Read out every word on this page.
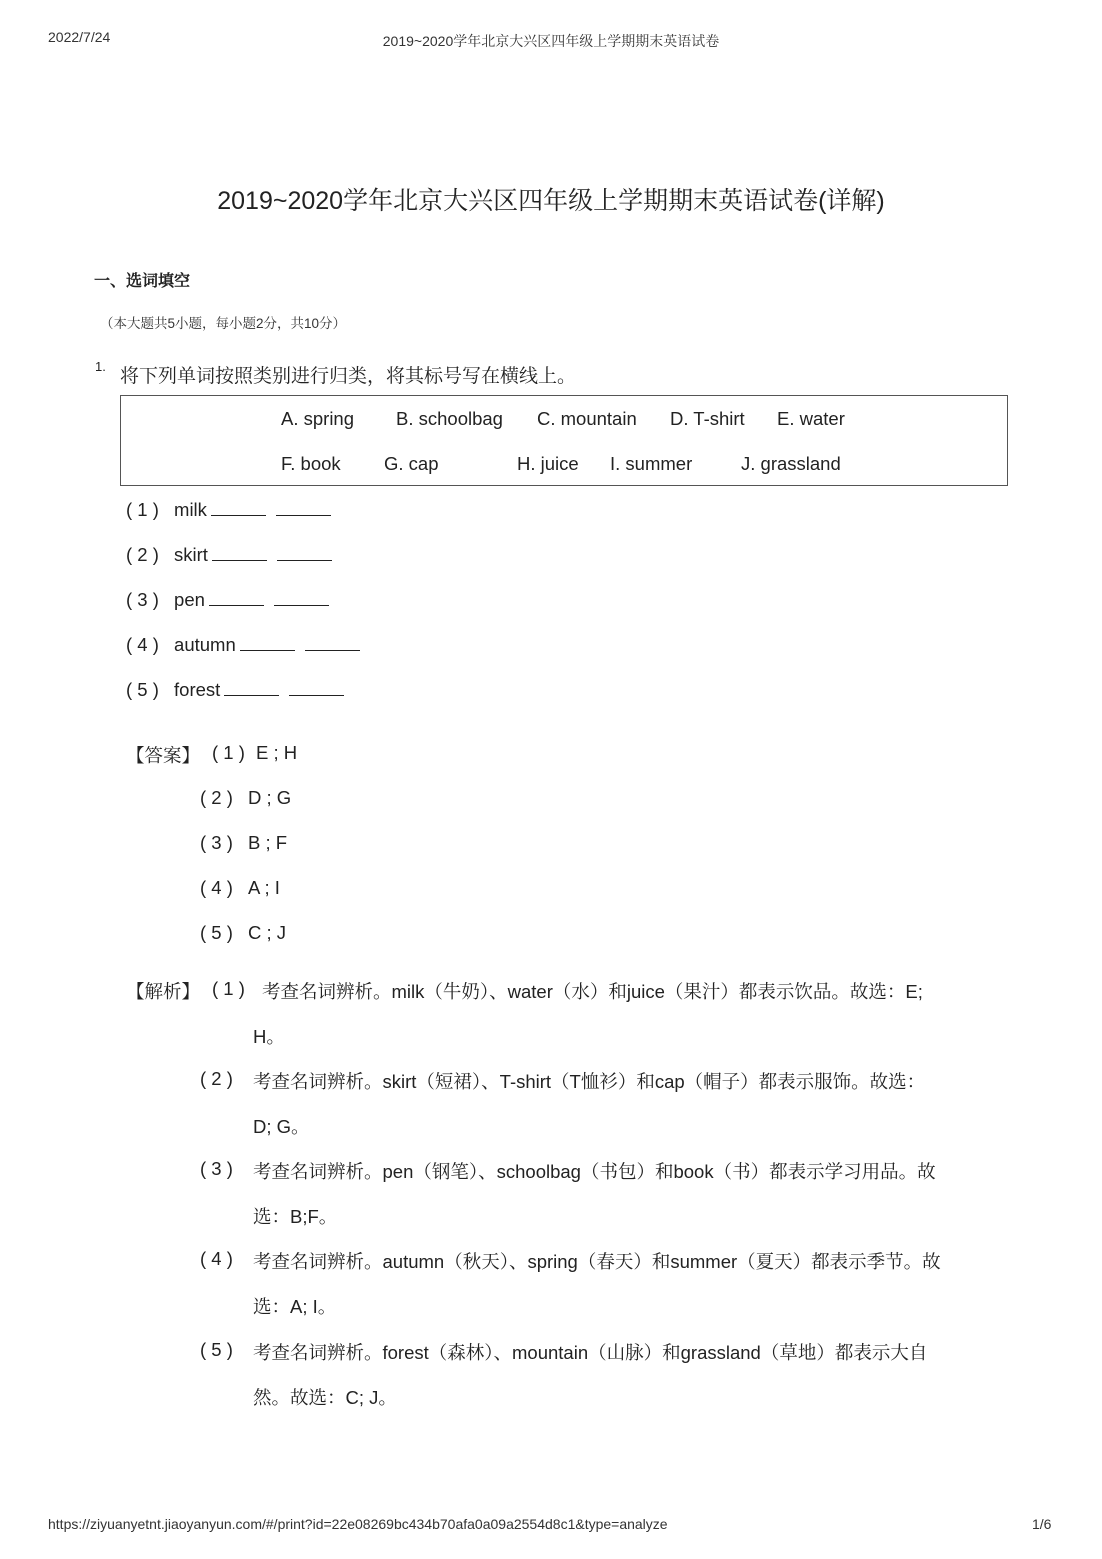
2022/7/24	2019~2020学年北京大兴区四年级上学期期末英语试卷
2019~2020学年北京大兴区四年级上学期期末英语试卷(详解)
一、选词填空
（本大题共5小题，每小题2分，共10分）
1. 将下列单词按照类别进行归类，将其标号写在横线上。
A. spring B. schoolbag C. mountain D. T-shirt E. water
F. book G. cap	H. juice I. summer	J. grassland
( 1 ) milk
( 2 ) skirt
( 3 ) pen
( 4 ) autumn
( 5 ) forest
【答案】 ( 1 ) E ; H
( 2 ) D ; G
( 3 ) B ; F
( 4 ) A ; I
( 5 ) C ; J
【解析】 ( 1 ) 考查名词辨析。milk（牛奶）、water（水）和juice（果汁）都表示饮品。故选：E;
H。
( 2 ) 考查名词辨析。skirt（短裙）、T-shirt（T恤衫）和cap（帽子）都表示服饰。故选：
D; G。
( 3 ) 考查名词辨析。pen（钢笔）、schoolbag（书包）和book（书）都表示学习用品。故
选：B;F。
( 4 ) 考查名词辨析。autumn（秋天）、spring（春天）和summer（夏天）都表示季节。故
选：A; I。
( 5 ) 考查名词辨析。forest（森林）、mountain（山脉）和grassland（草地）都表示大自
然。故选：C; J。
https://ziyuanyetnt.jiaoyanyun.com/#/print?id=22e08269bc434b70afa0a09a2554d8c1&type=analyze	1/6
